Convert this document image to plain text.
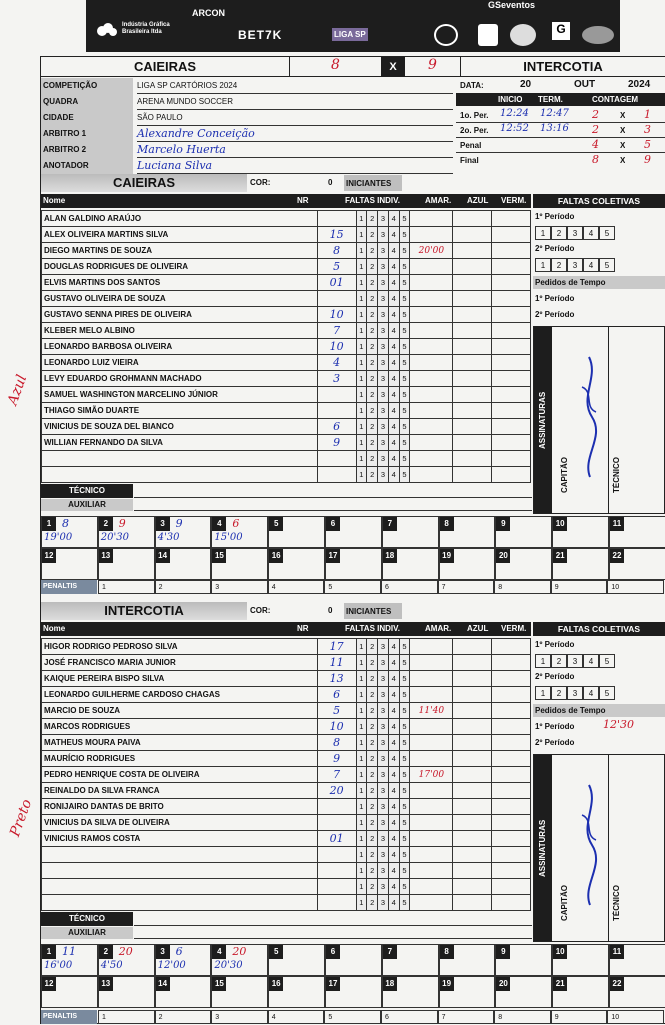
Indústria Gráfica Brasileira ltda
ARCON
BET7K	LIGA SP
GSeventos
G
CAIEIRAS	8	X	9	INTERCOTIA
COMPETIÇÃO	LIGA SP CARTÓRIOS 2024
QUADRA	ARENA MUNDO SOCCER
CIDADE	SÃO PAULO
ARBITRO 1	Alexandre Conceição
ARBITRO 2	Marcelo Huerta
ANOTADOR	Luciana Silva
DATA:	20	OUT	2024
INICIO TERM.	CONTAGEM
1o. Per. 12:24 12:47 2	X 1
2o. Per. 12:52 13:16 2	X 3
Penal	4	X 5
Final	8	X 9
CAIEIRAS	COR:	0 INICIANTES
Nome	NR	FALTAS INDIV.	AMAR. AZUL VERM.
ALAN GALDINO ARAÚJO		1	2	3	4	5			
ALEX OLIVEIRA MARTINS SILVA	15	1	2	3	4	5			
DIEGO MARTINS DE SOUZA	8	1	2	3	4	5	20'00		
DOUGLAS RODRIGUES DE OLIVEIRA	5	1	2	3	4	5			
ELVIS MARTINS DOS SANTOS	01	1	2	3	4	5			
GUSTAVO OLIVEIRA DE SOUZA		1	2	3	4	5			
GUSTAVO SENNA PIRES DE OLIVEIRA	10	1	2	3	4	5			
KLEBER MELO ALBINO	7	1	2	3	4	5			
LEONARDO BARBOSA OLIVEIRA	10	1	2	3	4	5			
LEONARDO LUIZ VIEIRA	4	1	2	3	4	5			
LEVY EDUARDO GROHMANN MACHADO	3	1	2	3	4	5			
SAMUEL WASHINGTON MARCELINO JÚNIOR		1	2	3	4	5			
THIAGO SIMÃO DUARTE		1	2	3	4	5			
VINICIUS DE SOUZA DEL BIANCO	6	1	2	3	4	5			
WILLIAN FERNANDO DA SILVA	9	1	2	3	4	5			
		1	2	3	4	5			
		1	2	3	4	5			
FALTAS COLETIVAS
1º Período
1	2	3	4	5
2º Período
1	2	3	4	5
Pedidos de Tempo
1º Período
2º Período
ASSINATURAS
CAPITÃO	TÉCNICO
Azul
TÉCNICO
AUXILIAR
1 8
19'00
2 9
20'30
3 9
4'30
4 6
15'00
5	6	7	8	9	10	11
12	13	14	15	16	17	18	19	20	21	22
PENALTIS	1	2	3	4	5	6	7	8	9	10
INTERCOTIA	COR:	0 INICIANTES
Nome	NR	FALTAS INDIV.	AMAR. AZUL VERM.
HIGOR RODRIGO PEDROSO SILVA	17	1	2	3	4	5			
JOSÉ FRANCISCO MARIA JUNIOR	11	1	2	3	4	5			
KAIQUE PEREIRA BISPO SILVA	13	1	2	3	4	5			
LEONARDO GUILHERME CARDOSO CHAGAS	6	1	2	3	4	5			
MARCIO DE SOUZA	5	1	2	3	4	5	11'40		
MARCOS RODRIGUES	10	1	2	3	4	5			
MATHEUS MOURA PAIVA	8	1	2	3	4	5			
MAURÍCIO RODRIGUES	9	1	2	3	4	5			
PEDRO HENRIQUE COSTA DE OLIVEIRA	7	1	2	3	4	5	17'00		
REINALDO DA SILVA FRANCA	20	1	2	3	4	5			
RONIJAIRO DANTAS DE BRITO		1	2	3	4	5			
VINICIUS DA SILVA DE OLIVEIRA		1	2	3	4	5			
VINICIUS RAMOS COSTA	01	1	2	3	4	5			
		1	2	3	4	5			
		1	2	3	4	5			
		1	2	3	4	5			
		1	2	3	4	5			
FALTAS COLETIVAS
1º Período
1	2	3	4	5
2º Período
1	2	3	4	5
Pedidos de Tempo
1º Período	12'30
2º Período
ASSINATURAS
CAPITÃO	TÉCNICO
Preto
TÉCNICO
AUXILIAR
1 11
16'00
2 20
4'50
3 6
12'00
4 20
20'30
5	6	7	8	9	10	11
12	13	14	15	16	17	18	19	20	21	22
PENALTIS	1	2	3	4	5	6	7	8	9	10
